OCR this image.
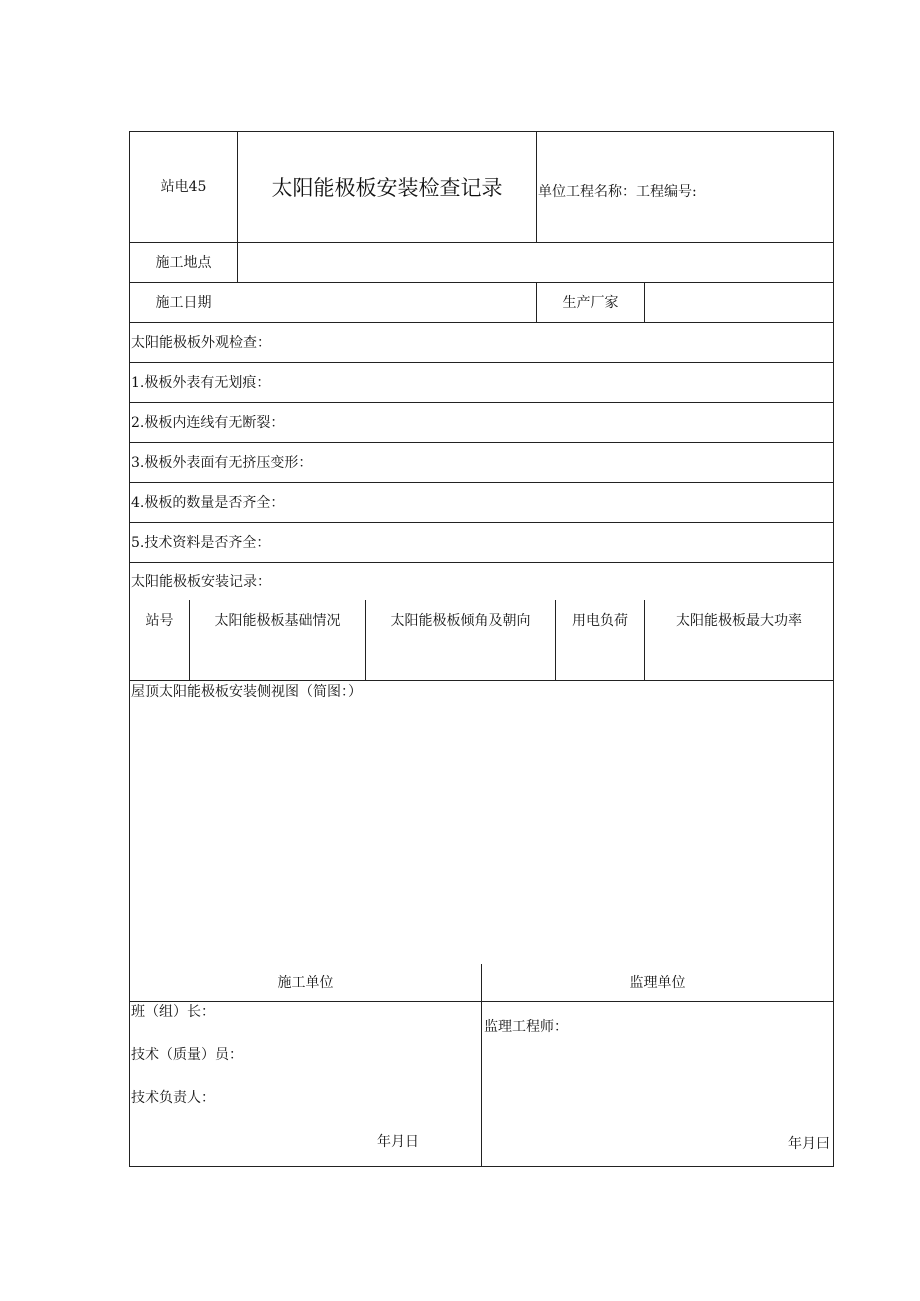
站电45	太阳能极板安装检查记录	单位工程名称：工程编号:
施工地点
施工日期	生产厂家
太阳能极板外观检查：
1.极板外表有无划痕：
2.极板内连线有无断裂：
3.极板外表面有无挤压变形：
4.极板的数量是否齐全：
5.技术资料是否齐全：
太阳能极板安装记录：
站号	太阳能极板基础情况	太阳能极板倾角及朝向	用电负荷	太阳能极板最大功率
屋顶太阳能极板安装侧视图（简图：）
施工单位	监理单位
班（组）长：
技术（质量）员：
技术负责人：
年月日
监理工程师：
年月曰
